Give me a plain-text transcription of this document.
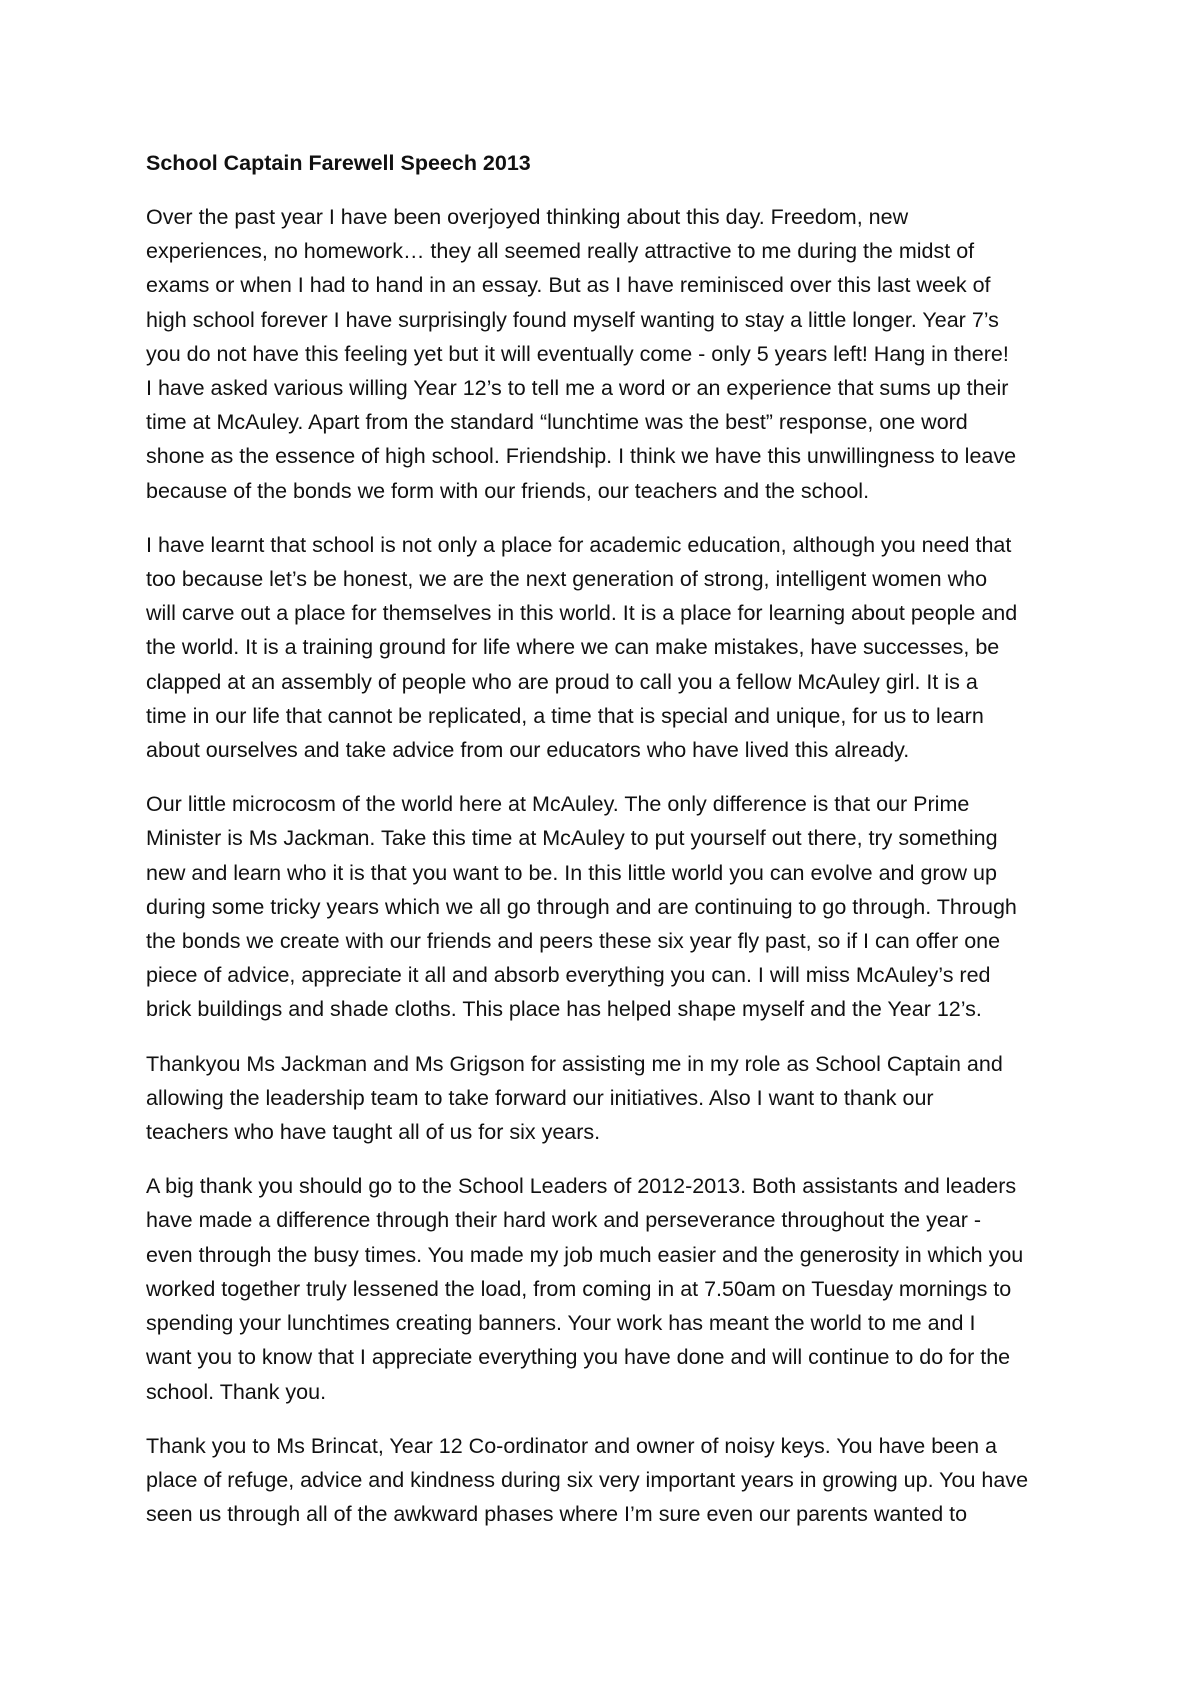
School Captain Farewell Speech 2013
Over the past year I have been overjoyed thinking about this day. Freedom, new
experiences, no homework… they all seemed really attractive to me during the midst of
exams or when I had to hand in an essay. But as I have reminisced over this last week of
high school forever I have surprisingly found myself wanting to stay a little longer. Year 7’s
you do not have this feeling yet but it will eventually come - only 5 years left! Hang in there!
I have asked various willing Year 12’s to tell me a word or an experience that sums up their
time at McAuley. Apart from the standard “lunchtime was the best” response, one word
shone as the essence of high school. Friendship. I think we have this unwillingness to leave
because of the bonds we form with our friends, our teachers and the school.
I have learnt that school is not only a place for academic education, although you need that
too because let’s be honest, we are the next generation of strong, intelligent women who
will carve out a place for themselves in this world. It is a place for learning about people and
the world. It is a training ground for life where we can make mistakes, have successes, be
clapped at an assembly of people who are proud to call you a fellow McAuley girl. It is a
time in our life that cannot be replicated, a time that is special and unique, for us to learn
about ourselves and take advice from our educators who have lived this already.
Our little microcosm of the world here at McAuley. The only difference is that our Prime
Minister is Ms Jackman. Take this time at McAuley to put yourself out there, try something
new and learn who it is that you want to be. In this little world you can evolve and grow up
during some tricky years which we all go through and are continuing to go through. Through
the bonds we create with our friends and peers these six year fly past, so if I can offer one
piece of advice, appreciate it all and absorb everything you can. I will miss McAuley’s red
brick buildings and shade cloths. This place has helped shape myself and the Year 12’s.
Thankyou Ms Jackman and Ms Grigson for assisting me in my role as School Captain and
allowing the leadership team to take forward our initiatives. Also I want to thank our
teachers who have taught all of us for six years.
A big thank you should go to the School Leaders of 2012-2013. Both assistants and leaders
have made a difference through their hard work and perseverance throughout the year -
even through the busy times. You made my job much easier and the generosity in which you
worked together truly lessened the load, from coming in at 7.50am on Tuesday mornings to
spending your lunchtimes creating banners. Your work has meant the world to me and I
want you to know that I appreciate everything you have done and will continue to do for the
school. Thank you.
Thank you to Ms Brincat, Year 12 Co-ordinator and owner of noisy keys. You have been a
place of refuge, advice and kindness during six very important years in growing up. You have
seen us through all of the awkward phases where I’m sure even our parents wanted to
